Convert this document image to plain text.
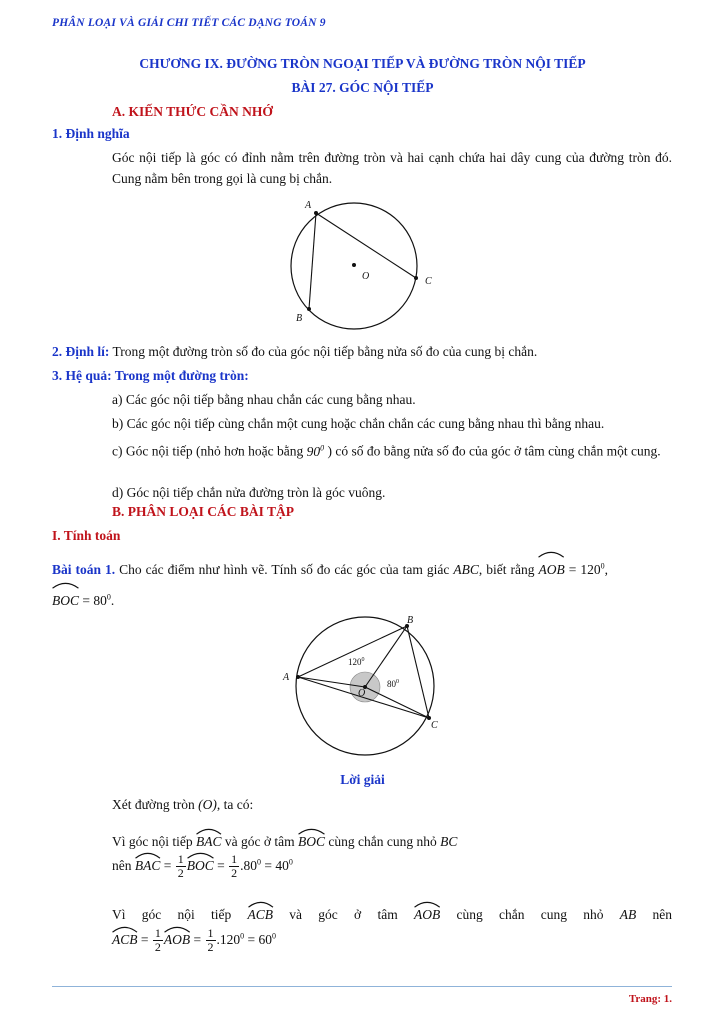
PHÂN LOẠI VÀ GIẢI CHI TIẾT CÁC DẠNG TOÁN 9
CHƯƠNG IX. ĐƯỜNG TRÒN NGOẠI TIẾP VÀ ĐƯỜNG TRÒN NỘI TIẾP
BÀI 27. GÓC NỘI TIẾP
A. KIẾN THỨC CẦN NHỚ
1. Định nghĩa
Góc nội tiếp là góc có đỉnh nằm trên đường tròn và hai cạnh chứa hai dây cung của đường tròn đó. Cung nằm bên trong gọi là cung bị chắn.
A
B
C
O
2. Định lí: Trong một đường tròn số đo của góc nội tiếp bằng nửa số đo của cung bị chắn.
3. Hệ quả: Trong một đường tròn:
a) Các góc nội tiếp bằng nhau chắn các cung bằng nhau.
b) Các góc nội tiếp cùng chắn một cung hoặc chắn chắn các cung bằng nhau thì bằng nhau.
c) Góc nội tiếp (nhỏ hơn hoặc bằng $90^0$ ) có số đo bằng nửa số đo của góc ở tâm cùng chắn một cung.
d) Góc nội tiếp chắn nửa đường tròn là góc vuông.
B. PHÂN LOẠI CÁC BÀI TẬP
I. Tính toán
Bài toán 1. Cho các điểm như hình vẽ. Tính số đo các góc của tam giác ABC, biết rằng
AOB = $120^0$,
BOC = $80^0$.
A
B
C
O
$120^0$
$80^0$
Lời giải
Xét đường tròn (O), ta có:
Vì góc nội tiếp
BAC và góc ở tâm
BOC cùng chắn cung nhỏ BC
nên
BAC = $\frac{1}{2}$ BOC = $\frac{1}{2} .80^0 = 40^0$
Vì góc nội tiếp
ACB và góc ở tâm
AOB cùng chắn cung nhỏ AB nên
ACB = $\frac{1}{2}$ AOB = $\frac{1}{2} .120^0 = 60^0$
Trang: 1.
